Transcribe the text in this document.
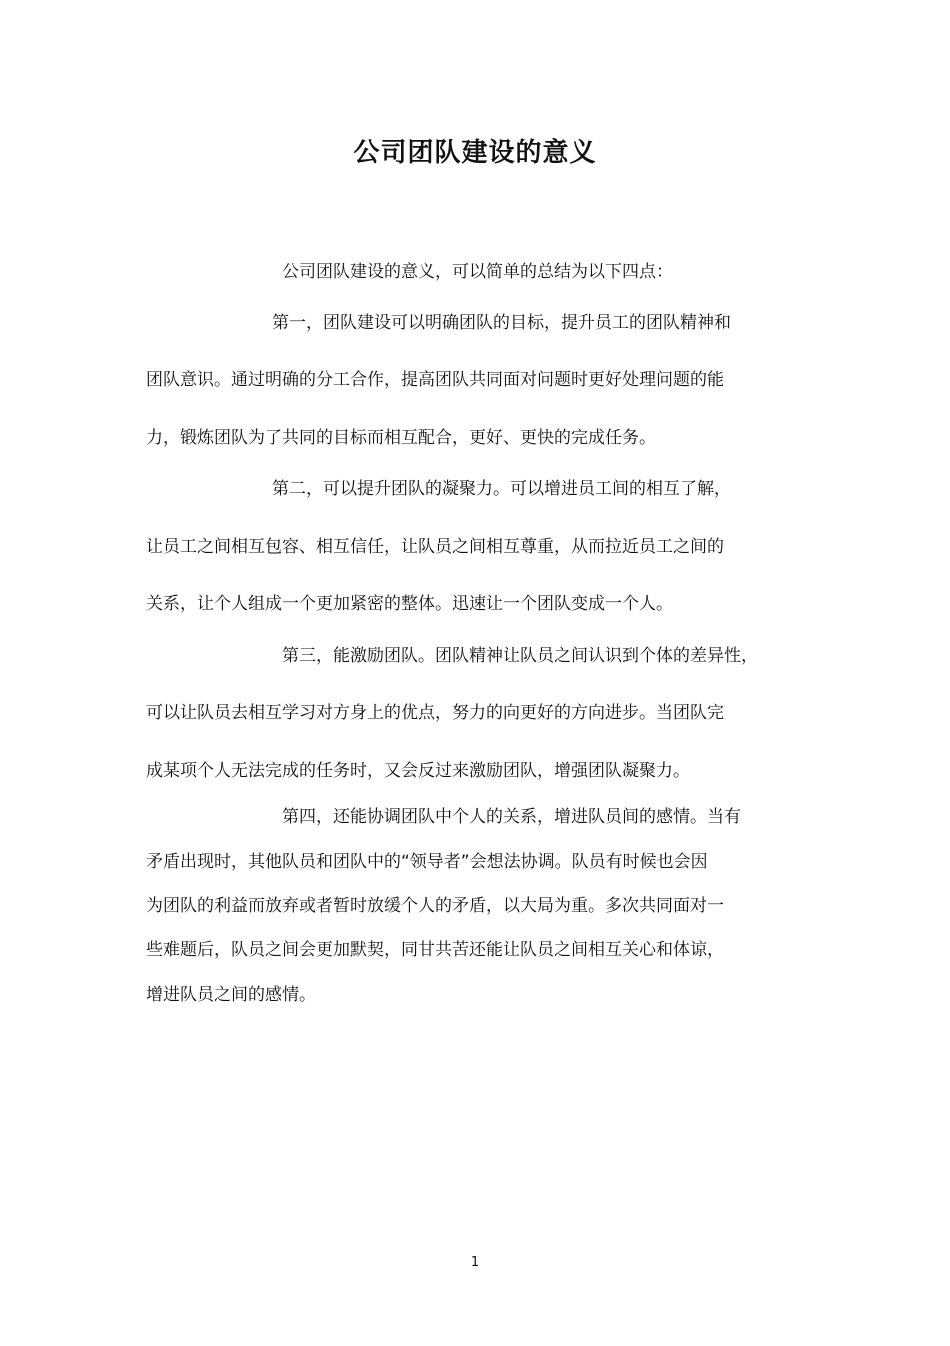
公司团队建设的意义
公司团队建设的意义，可以简单的总结为以下四点：
第一，团队建设可以明确团队的目标，提升员工的团队精神和
团队意识。通过明确的分工合作，提高团队共同面对问题时更好处理问题的能
力，锻炼团队为了共同的目标而相互配合，更好、更快的完成任务。
第二，可以提升团队的凝聚力。可以增进员工间的相互了解，
让员工之间相互包容、相互信任，让队员之间相互尊重，从而拉近员工之间的
关系，让个人组成一个更加紧密的整体。迅速让一个团队变成一个人。
第三，能激励团队。团队精神让队员之间认识到个体的差异性，
可以让队员去相互学习对方身上的优点，努力的向更好的方向进步。当团队完
成某项个人无法完成的任务时，又会反过来激励团队，增强团队凝聚力。
第四，还能协调团队中个人的关系，增进队员间的感情。当有
矛盾出现时，其他队员和团队中的“领导者”会想法协调。队员有时候也会因
为团队的利益而放弃或者暂时放缓个人的矛盾，以大局为重。多次共同面对一
些难题后，队员之间会更加默契，同甘共苦还能让队员之间相互关心和体谅，
增进队员之间的感情。
1
